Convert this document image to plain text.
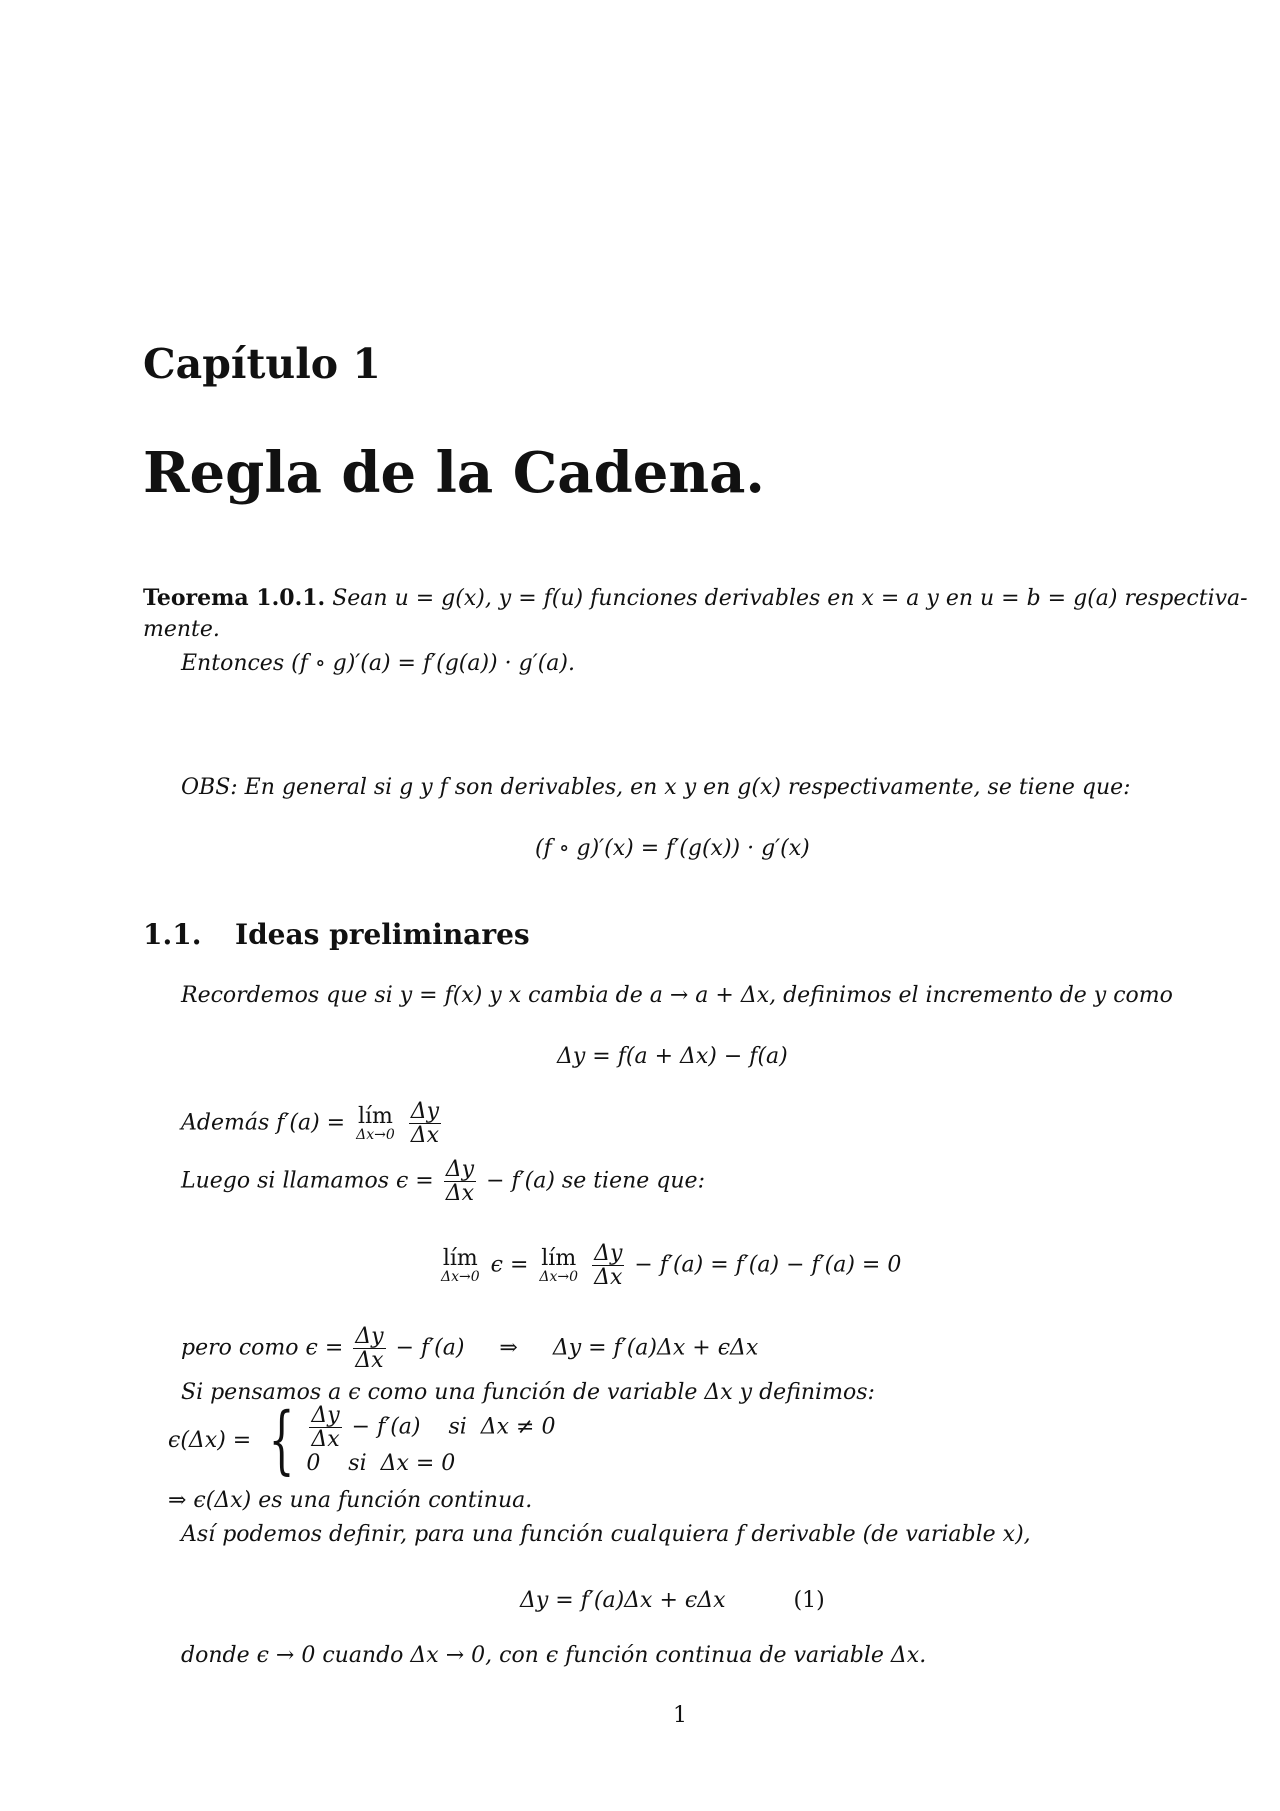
Capítulo 1
Regla de la Cadena.
Teorema 1.0.1. Sean u = g(x), y = f(u) funciones derivables en x = a y en u = b = g(a) respectiva-
mente.
Entonces (f ∘ g)′(a) = f′(g(a)) · g′(a).
OBS: En general si g y f son derivables, en x y en g(x) respectivamente, se tiene que:
(f ∘ g)′(x) = f′(g(x)) · g′(x)
1.1. Ideas preliminares
Recordemos que si y = f(x) y x cambia de a → a + Δx, definimos el incremento de y como
Δy = f(a + Δx) − f(a)
Además f′(a) = lím
Δx→0
$\frac{\Delta y}{\Delta x}$
Luego si llamamos $\epsilon = \frac{\Delta y}{\Delta x} - f'(a)$ se tiene que:
lím
Δx→0 ϵ = lím
Δx→0
$\frac{\Delta y}{\Delta x} - f'(a) = f'(a) - f'(a) = 0$
pero como $\epsilon = \frac{\Delta y}{\Delta x} - f'(a)$     ⇒     Δy = f′(a)Δx + ϵΔx
Si pensamos a ϵ como una función de variable Δx y definimos:
ϵ(Δx) = { $\frac{\Delta y}{\Delta x} - f'(a)$    si  Δx ≠ 0
0    si  Δx = 0
⇒ ϵ(Δx) es una función continua.
Así podemos definir, para una función cualquiera f derivable (de variable x),
Δy = f′(a)Δx + ϵΔx	(1)
donde ϵ → 0 cuando Δx → 0, con ϵ función continua de variable Δx.
1
